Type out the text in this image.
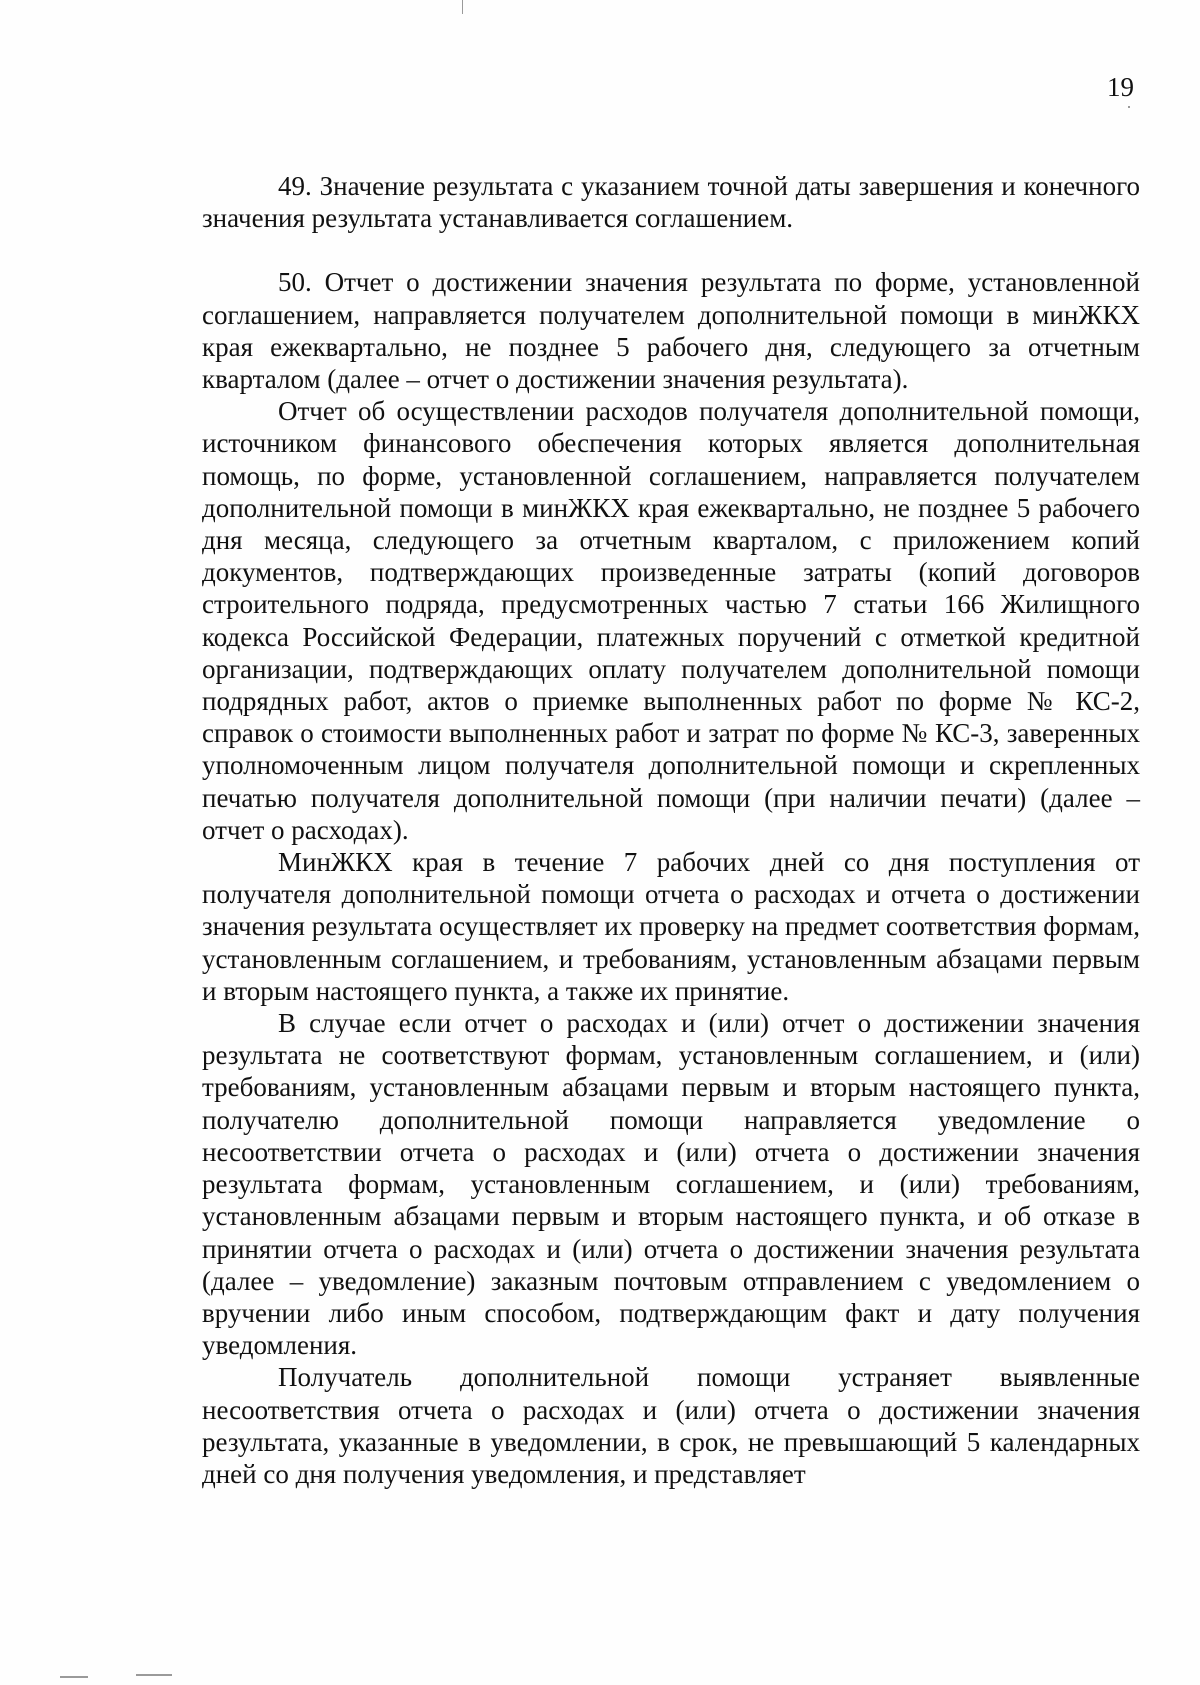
19

49. Значение результата с указанием точной даты завершения и конечного значения результата устанавливается соглашением.

50. Отчет о достижении значения результата по форме, установленной соглашением, направляется получателем дополнительной помощи в минЖКХ края ежеквартально, не позднее 5 рабочего дня, следующего за отчетным кварталом (далее – отчет о достижении значения результата).

Отчет об осуществлении расходов получателя дополнительной помощи, источником финансового обеспечения которых является дополнительная помощь, по форме, установленной соглашением, направляется получателем дополнительной помощи в минЖКХ края ежеквартально, не позднее 5 рабочего дня месяца, следующего за отчетным кварталом, с приложением копий документов, подтверждающих произведенные затраты (копий договоров строительного подряда, предусмотренных частью 7 статьи 166 Жилищного кодекса Российской Федерации, платежных поручений с отметкой кредитной организации, подтверждающих оплату получателем дополнительной помощи подрядных работ, актов о приемке выполненных работ по форме № КС-2, справок о стоимости выполненных работ и затрат по форме № КС-3, заверенных уполномоченным лицом получателя дополнительной помощи и скрепленных печатью получателя дополнительной помощи (при наличии печати) (далее – отчет о расходах).

МинЖКХ края в течение 7 рабочих дней со дня поступления от получателя дополнительной помощи отчета о расходах и отчета о достижении значения результата осуществляет их проверку на предмет соответствия формам, установленным соглашением, и требованиям, установленным абзацами первым и вторым настоящего пункта, а также их принятие.

В случае если отчет о расходах и (или) отчет о достижении значения результата не соответствуют формам, установленным соглашением, и (или) требованиям, установленным абзацами первым и вторым настоящего пункта, получателю дополнительной помощи направляется уведомление о несоответствии отчета о расходах и (или) отчета о достижении значения результата формам, установленным соглашением, и (или) требованиям, установленным абзацами первым и вторым настоящего пункта, и об отказе в принятии отчета о расходах и (или) отчета о достижении значения результата (далее – уведомление) заказным почтовым отправлением с уведомлением о вручении либо иным способом, подтверждающим факт и дату получения уведомления.

Получатель дополнительной помощи устраняет выявленные несоответствия отчета о расходах и (или) отчета о достижении значения результата, указанные в уведомлении, в срок, не превышающий 5 календарных дней со дня получения уведомления, и представляет
